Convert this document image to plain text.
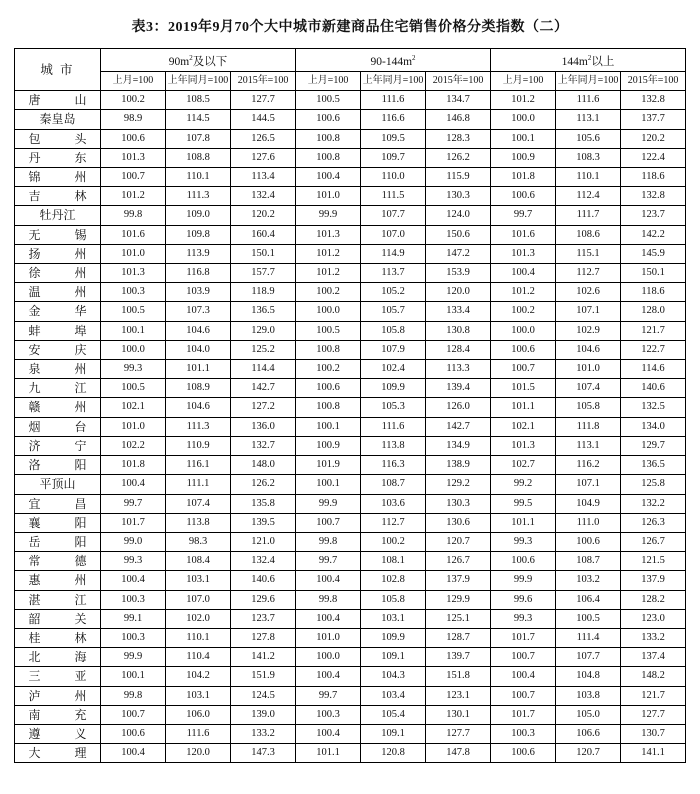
表3：2019年9月70个大中城市新建商品住宅销售价格分类指数（二）
城 市	$90m^2$及以下			$90-144m^2$			$144m^2$以上		
	上月=100	上年同月=100	2015年=100	上月=100	上年同月=100	2015年=100	上月=100	上年同月=100	2015年=100

唐 山	100.2	108.5	127.7	100.5	111.6	134.7	101.2	111.6	132.8

秦皇岛	98.9	114.5	144.5	100.6	116.6	146.8	100.0	113.1	137.7

包 头	100.6	107.8	126.5	100.8	109.5	128.3	100.1	105.6	120.2

丹 东	101.3	108.8	127.6	100.8	109.7	126.2	100.9	108.3	122.4

锦 州	100.7	110.1	113.4	100.4	110.0	115.9	101.8	110.1	118.6

吉 林	101.2	111.3	132.4	101.0	111.5	130.3	100.6	112.4	132.8

牡丹江	99.8	109.0	120.2	99.9	107.7	124.0	99.7	111.7	123.7

无 锡	101.6	109.8	160.4	101.3	107.0	150.6	101.6	108.6	142.2

扬 州	101.0	113.9	150.1	101.2	114.9	147.2	101.3	115.1	145.9

徐 州	101.3	116.8	157.7	101.2	113.7	153.9	100.4	112.7	150.1

温 州	100.3	103.9	118.9	100.2	105.2	120.0	101.2	102.6	118.6

金 华	100.5	107.3	136.5	100.0	105.7	133.4	100.2	107.1	128.0

蚌 埠	100.1	104.6	129.0	100.5	105.8	130.8	100.0	102.9	121.7

安 庆	100.0	104.0	125.2	100.8	107.9	128.4	100.6	104.6	122.7

泉 州	99.3	101.1	114.4	100.2	102.4	113.3	100.7	101.0	114.6

九 江	100.5	108.9	142.7	100.6	109.9	139.4	101.5	107.4	140.6

赣 州	102.1	104.6	127.2	100.8	105.3	126.0	101.1	105.8	132.5

烟 台	101.0	111.3	136.0	100.1	111.6	142.7	102.1	111.8	134.0

济 宁	102.2	110.9	132.7	100.9	113.8	134.9	101.3	113.1	129.7

洛 阳	101.8	116.1	148.0	101.9	116.3	138.9	102.7	116.2	136.5

平顶山	100.4	111.1	126.2	100.1	108.7	129.2	99.2	107.1	125.8

宜 昌	99.7	107.4	135.8	99.9	103.6	130.3	99.5	104.9	132.2

襄 阳	101.7	113.8	139.5	100.7	112.7	130.6	101.1	111.0	126.3

岳 阳	99.0	98.3	121.0	99.8	100.2	120.7	99.3	100.6	126.7

常 德	99.3	108.4	132.4	99.7	108.1	126.7	100.6	108.7	121.5

惠 州	100.4	103.1	140.6	100.4	102.8	137.9	99.9	103.2	137.9

湛 江	100.3	107.0	129.6	99.8	105.8	129.9	99.6	106.4	128.2

韶 关	99.1	102.0	123.7	100.4	103.1	125.1	99.3	100.5	123.0

桂 林	100.3	110.1	127.8	101.0	109.9	128.7	101.7	111.4	133.2

北 海	99.9	110.4	141.2	100.0	109.1	139.7	100.7	107.7	137.4

三 亚	100.1	104.2	151.9	100.4	104.3	151.8	100.4	104.8	148.2

泸 州	99.8	103.1	124.5	99.7	103.4	123.1	100.7	103.8	121.7

南 充	100.7	106.0	139.0	100.3	105.4	130.1	101.7	105.0	127.7

遵 义	100.6	111.6	133.2	100.4	109.1	127.7	100.3	106.6	130.7

大 理	100.4	120.0	147.3	101.1	120.8	147.8	100.6	120.7	141.1
